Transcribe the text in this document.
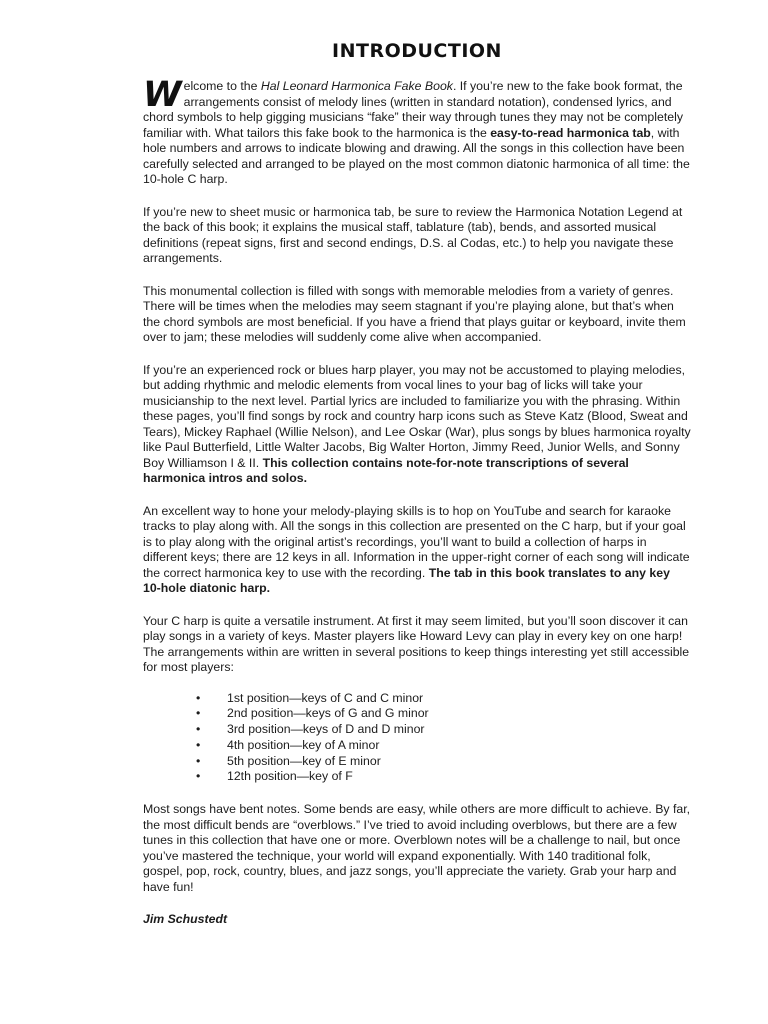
INTRODUCTION

Welcome to the Hal Leonard Harmonica Fake Book. If you’re new to the fake book format, the arrangements consist of melody lines (written in standard notation), condensed lyrics, and chord symbols to help gigging musicians “fake” their way through tunes they may not be completely familiar with. What tailors this fake book to the harmonica is the easy-to-read harmonica tab, with hole numbers and arrows to indicate blowing and drawing. All the songs in this collection have been carefully selected and arranged to be played on the most common diatonic harmonica of all time: the 10-hole C harp.

If you’re new to sheet music or harmonica tab, be sure to review the Harmonica Notation Legend at the back of this book; it explains the musical staff, tablature (tab), bends, and assorted musical definitions (repeat signs, first and second endings, D.S. al Codas, etc.) to help you navigate these arrangements.

This monumental collection is filled with songs with memorable melodies from a variety of genres. There will be times when the melodies may seem stagnant if you’re playing alone, but that’s when the chord symbols are most beneficial. If you have a friend that plays guitar or keyboard, invite them over to jam; these melodies will suddenly come alive when accompanied.

If you’re an experienced rock or blues harp player, you may not be accustomed to playing melodies, but adding rhythmic and melodic elements from vocal lines to your bag of licks will take your musicianship to the next level. Partial lyrics are included to familiarize you with the phrasing. Within these pages, you’ll find songs by rock and country harp icons such as Steve Katz (Blood, Sweat and Tears), Mickey Raphael (Willie Nelson), and Lee Oskar (War), plus songs by blues harmonica royalty like Paul Butterfield, Little Walter Jacobs, Big Walter Horton, Jimmy Reed, Junior Wells, and Sonny Boy Williamson I & II. This collection contains note-for-note transcriptions of several harmonica intros and solos.

An excellent way to hone your melody-playing skills is to hop on YouTube and search for karaoke tracks to play along with. All the songs in this collection are presented on the C harp, but if your goal is to play along with the original artist’s recordings, you’ll want to build a collection of harps in different keys; there are 12 keys in all. Information in the upper-right corner of each song will indicate the correct harmonica key to use with the recording. The tab in this book translates to any key 10-hole diatonic harp.

Your C harp is quite a versatile instrument. At first it may seem limited, but you’ll soon discover it can play songs in a variety of keys. Master players like Howard Levy can play in every key on one harp! The arrangements within are written in several positions to keep things interesting yet still accessible for most players:

• 1st position—keys of C and C minor
• 2nd position—keys of G and G minor
• 3rd position—keys of D and D minor
• 4th position—key of A minor
• 5th position—key of E minor
• 12th position—key of F

Most songs have bent notes. Some bends are easy, while others are more difficult to achieve. By far, the most difficult bends are “overblows.” I’ve tried to avoid including overblows, but there are a few tunes in this collection that have one or more. Overblown notes will be a challenge to nail, but once you’ve mastered the technique, your world will expand exponentially. With 140 traditional folk, gospel, pop, rock, country, blues, and jazz songs, you’ll appreciate the variety. Grab your harp and have fun!

Jim Schustedt
